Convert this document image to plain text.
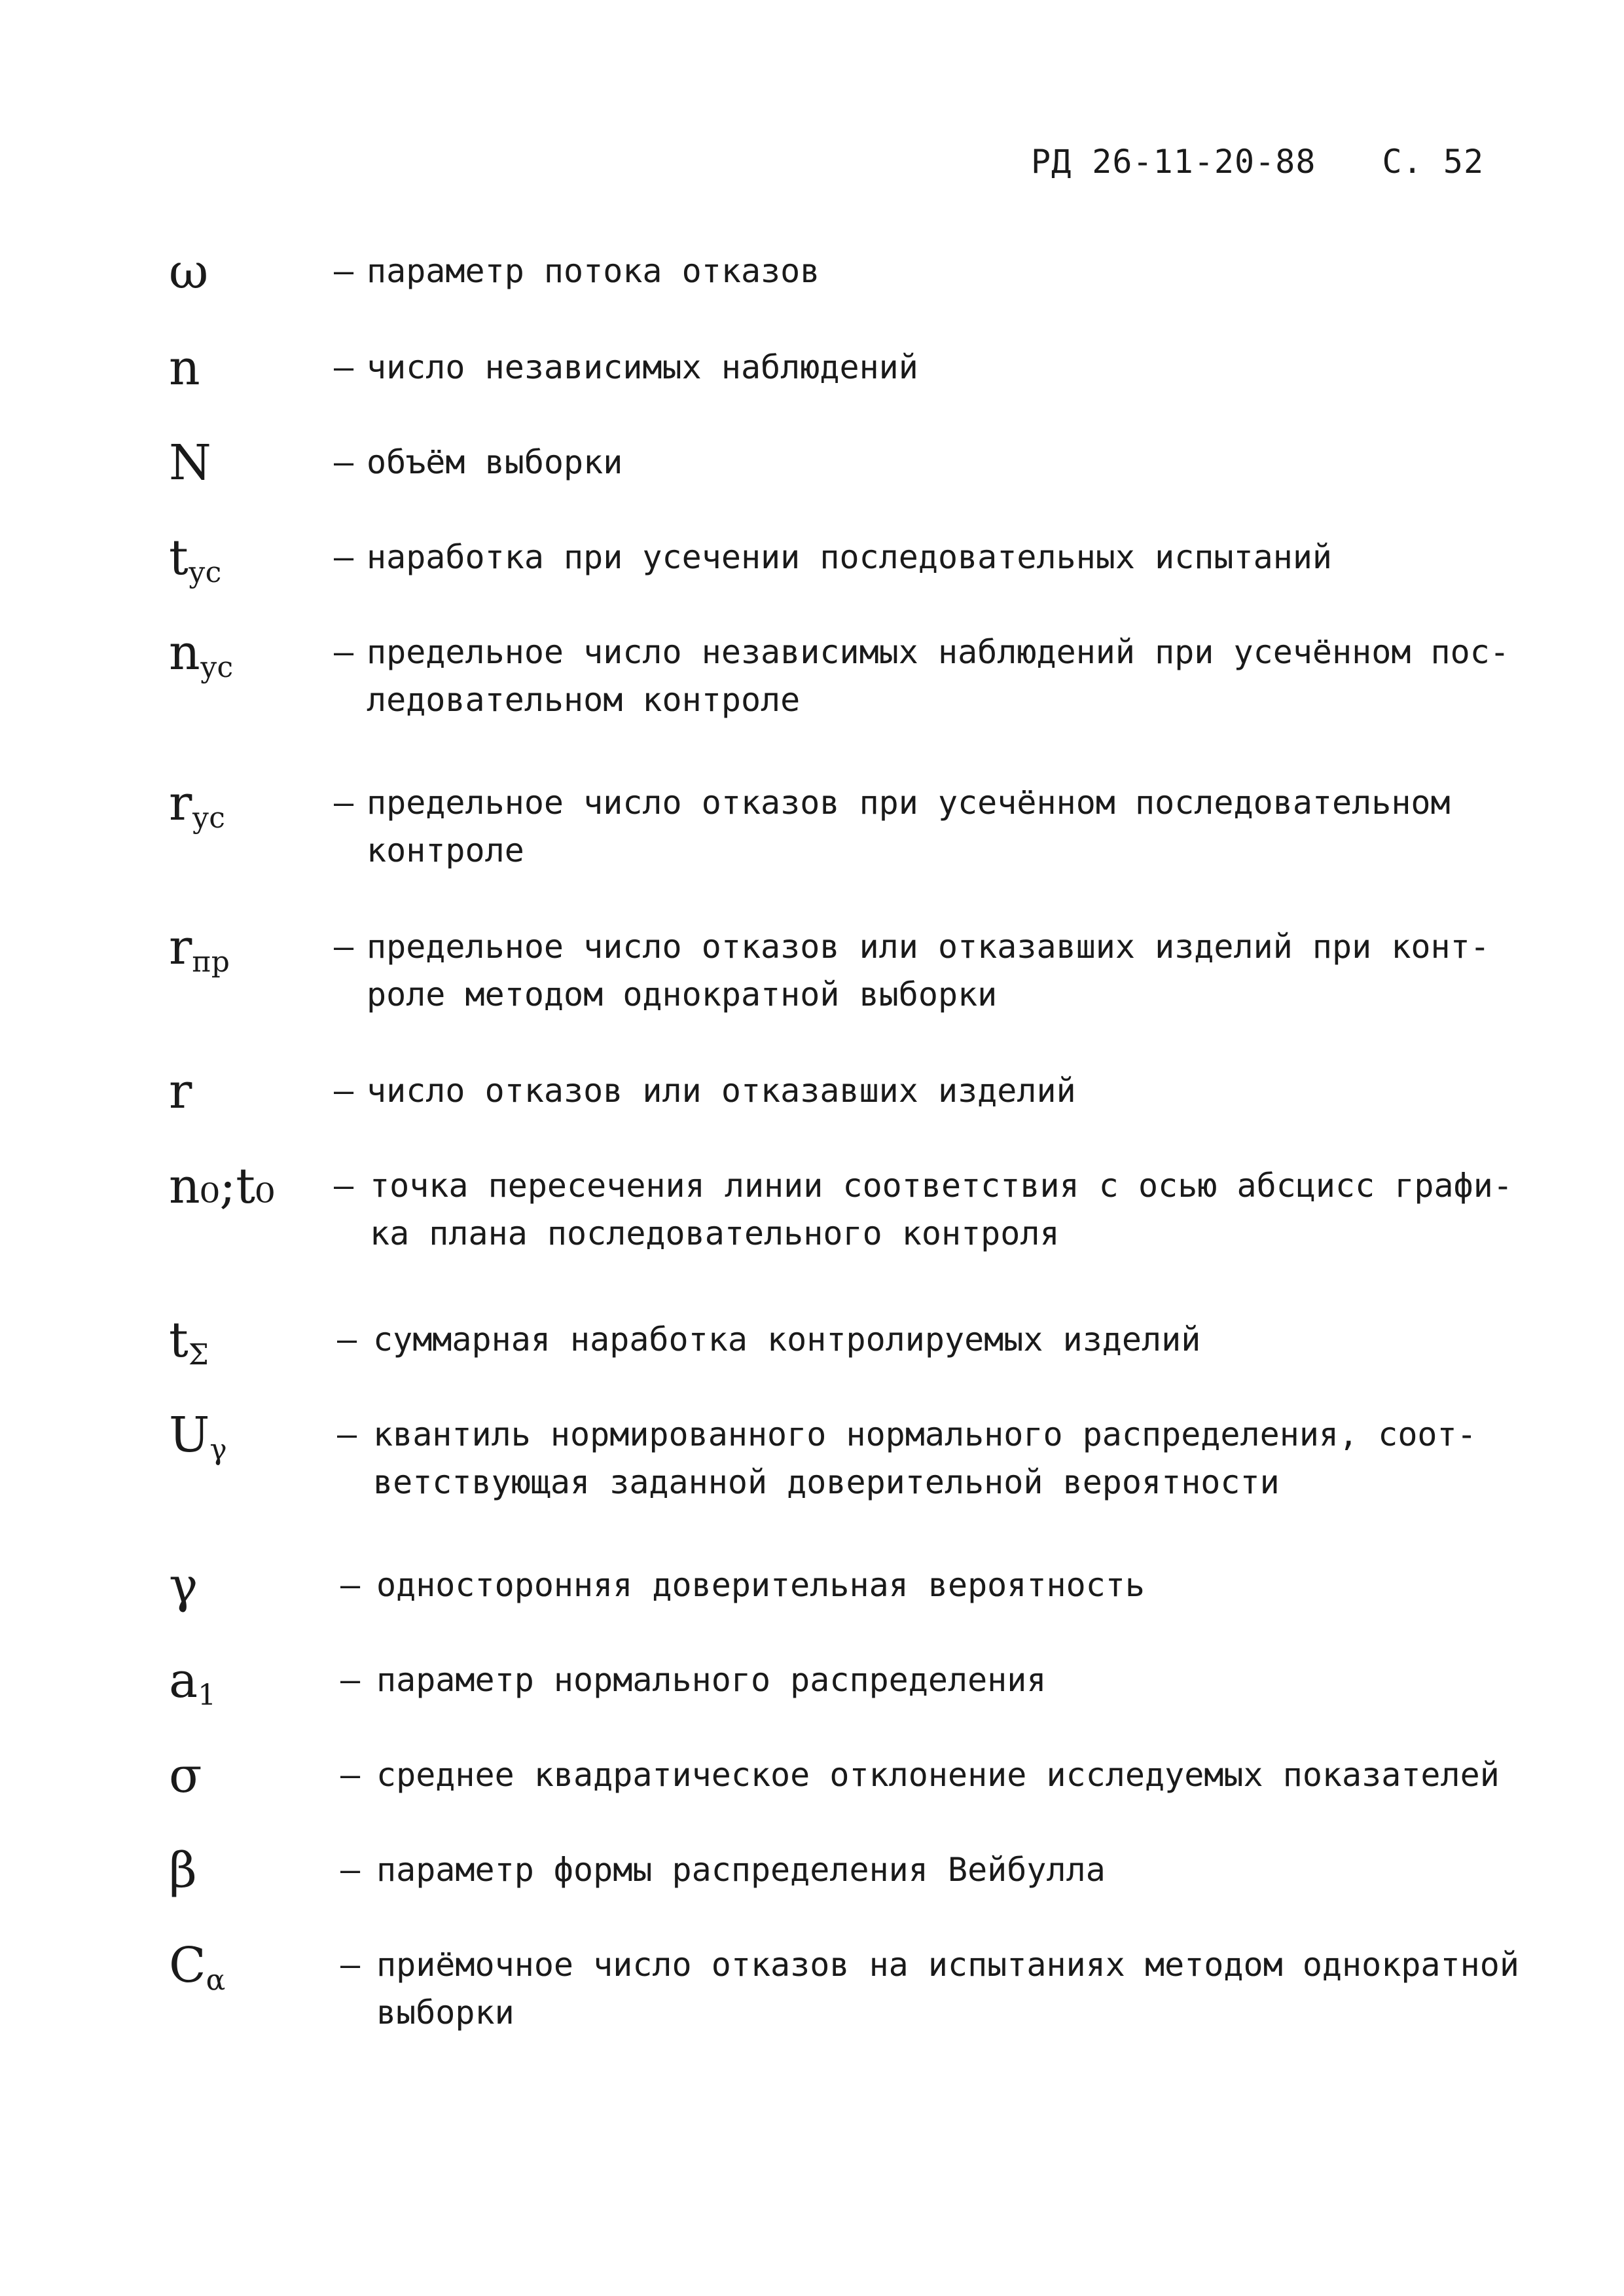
РД 26-11-20-88 С. 52
ω	– параметр потока отказов
n	– число независимых наблюдений
N	– объём выборки
$t_{ус}$	– наработка при усечении последовательных испытаний
$n_{ус}$	– предельное число независимых наблюдений при усечённом пос-
ледовательном контроле
$r_{ус}$	– предельное число отказов при усечённом последовательном
контроле
$r_{пр}$	– предельное число отказов или отказавших изделий при конт-
роле методом однократной выборки
r	– число отказов или отказавших изделий
n₀;t₀ – точка пересечения линии соответствия с осью абсцисс графи-
ка плана последовательного контроля
$t_\Sigma$	– суммарная наработка контролируемых изделий
$U_\gamma$	– квантиль нормированного нормального распределения, соот-
ветствующая заданной доверительной вероятности
γ	– односторонняя доверительная вероятность
$a_1$	– параметр нормального распределения
σ	– среднее квадратическое отклонение исследуемых показателей
β	– параметр формы распределения Вейбулла
$C_\alpha$	– приёмочное число отказов на испытаниях методом однократной
выборки
